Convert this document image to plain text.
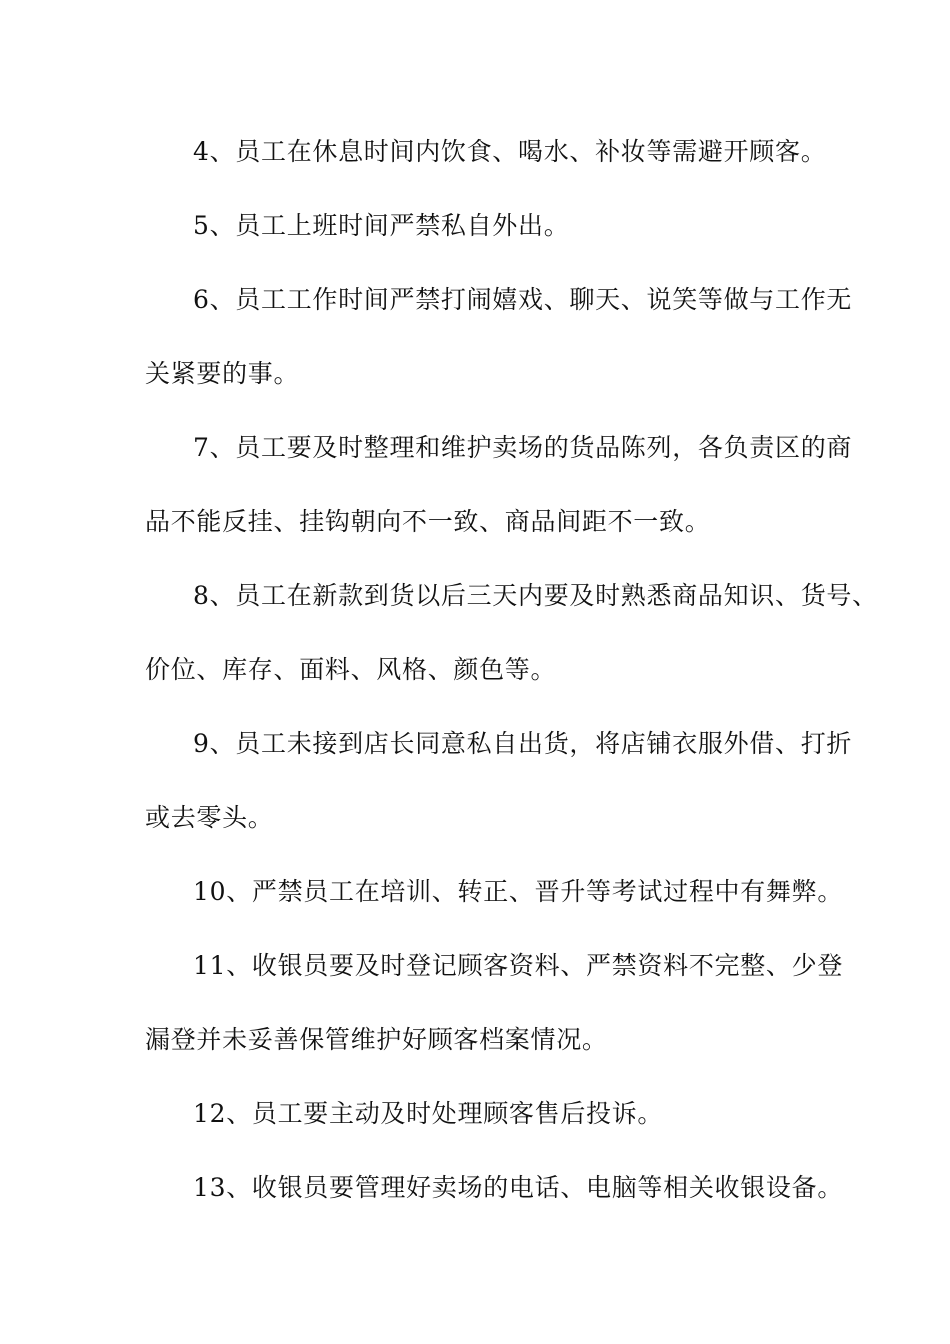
4、员工在休息时间内饮食、喝水、补妆等需避开顾客。
5、员工上班时间严禁私自外出。
6、员工工作时间严禁打闹嬉戏、聊天、说笑等做与工作无
关紧要的事。
7、员工要及时整理和维护卖场的货品陈列，各负责区的商
品不能反挂、挂钩朝向不一致、商品间距不一致。
8、员工在新款到货以后三天内要及时熟悉商品知识、货号、
价位、库存、面料、风格、颜色等。
9、员工未接到店长同意私自出货，将店铺衣服外借、打折
或去零头。
10、严禁员工在培训、转正、晋升等考试过程中有舞弊。
11、收银员要及时登记顾客资料、严禁资料不完整、少登
漏登并未妥善保管维护好顾客档案情况。
12、员工要主动及时处理顾客售后投诉。
13、收银员要管理好卖场的电话、电脑等相关收银设备。
